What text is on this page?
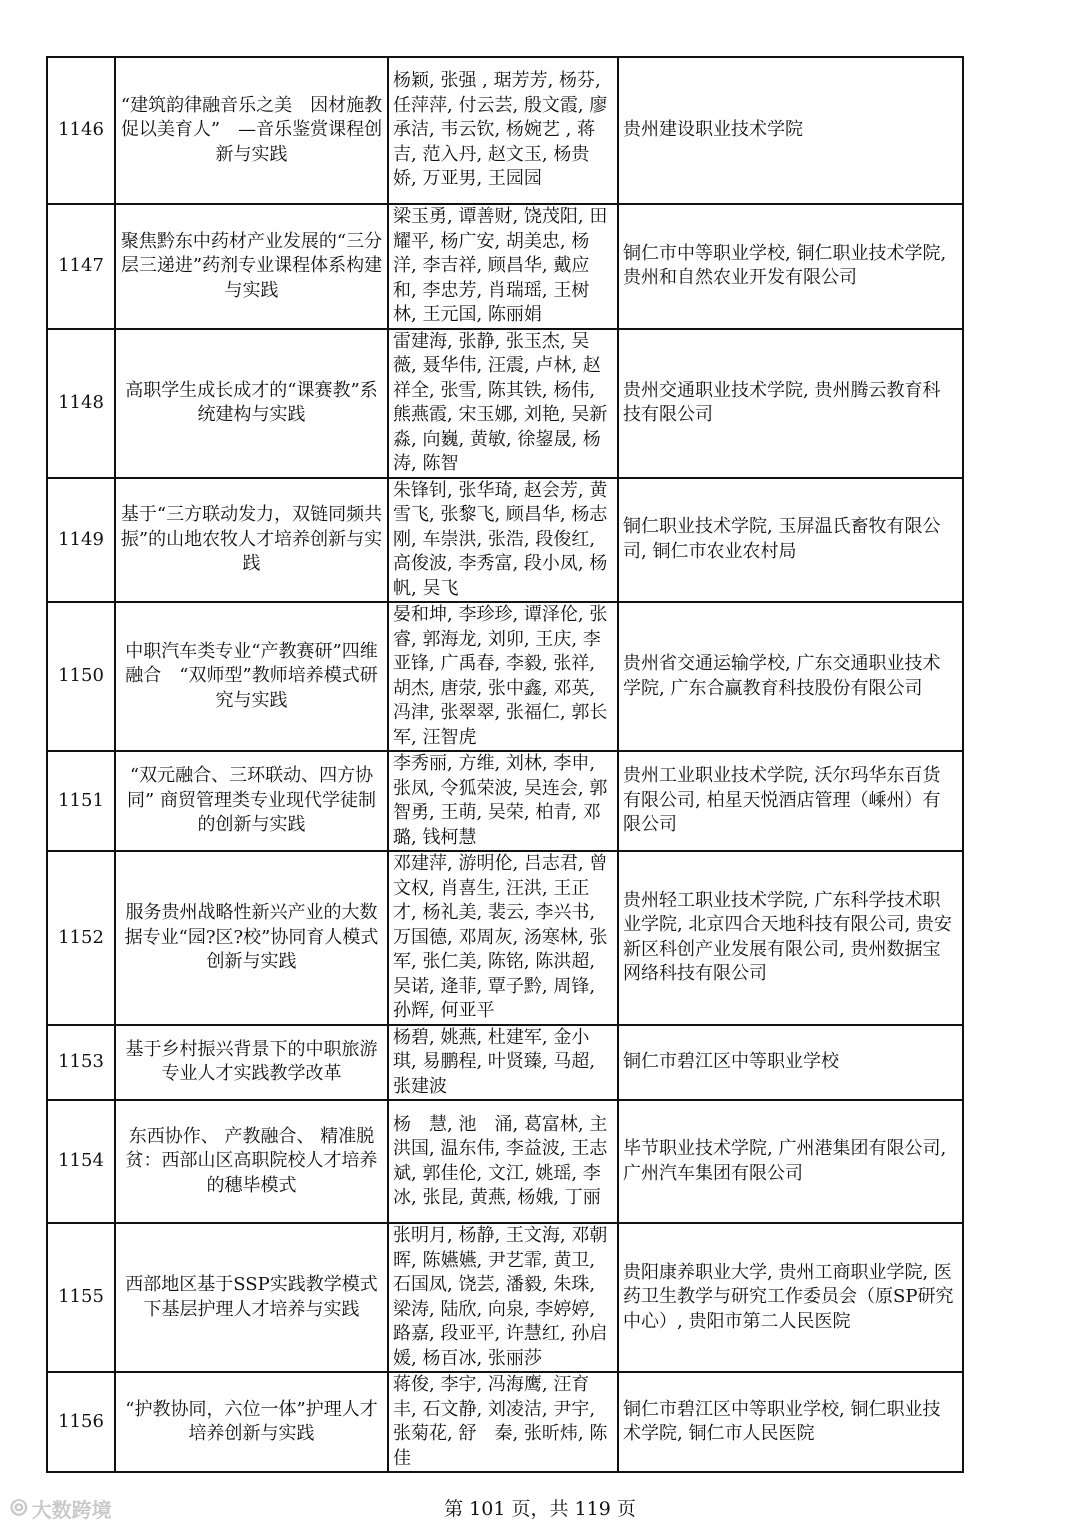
1146	“建筑韵律融音乐之美　因材施教促以美育人”　—音乐鉴赏课程创新与实践	杨颖, 张强 , 琚芳芳, 杨芬, 任萍萍, 付云芸, 殷文霞, 廖承洁, 韦云钦, 杨婉艺 , 蒋吉, 范入丹, 赵文玉, 杨贵娇, 万亚男, 王园园	贵州建设职业技术学院
1147	聚焦黔东中药材产业发展的“三分层三递进”药剂专业课程体系构建与实践	梁玉勇, 谭善财, 饶茂阳, 田耀平, 杨广安, 胡美忠, 杨洋, 李吉祥, 顾昌华, 戴应和, 李忠芳, 肖瑞瑶, 王树林, 王元国, 陈丽娟	铜仁市中等职业学校, 铜仁职业技术学院, 贵州和自然农业开发有限公司
1148	高职学生成长成才的“课赛教”系统建构与实践	雷建海, 张静, 张玉杰, 吴薇, 聂华伟, 汪震, 卢林, 赵祥全, 张雪, 陈其铁, 杨伟, 熊燕霞, 宋玉娜, 刘艳, 吴新淼, 向巍, 黄敏, 徐鋆晟, 杨涛, 陈智	贵州交通职业技术学院, 贵州腾云教育科技有限公司
1149	基于“三方联动发力，双链同频共振”的山地农牧人才培养创新与实践	朱锋钊, 张华琦, 赵会芳, 黄雪飞, 张黎飞, 顾昌华, 杨志刚, 车崇洪, 张浩, 段俊红, 高俊波, 李秀富, 段小凤, 杨帆, 吴飞	铜仁职业技术学院, 玉屏温氏畜牧有限公司, 铜仁市农业农村局
1150	中职汽车类专业“产教赛研”四维融合　“双师型”教师培养模式研究与实践	晏和坤, 李珍珍, 谭泽伦, 张睿, 郭海龙, 刘卯, 王庆, 李亚锋, 广禹春, 李毅, 张祥, 胡杰, 唐荥, 张中鑫, 邓英, 冯津, 张翠翠, 张福仁, 郭长军, 汪智虎	贵州省交通运输学校, 广东交通职业技术学院, 广东合赢教育科技股份有限公司
1151	“双元融合、三环联动、四方协同” 商贸管理类专业现代学徒制的创新与实践	李秀丽, 方维, 刘林, 李申, 张凤, 令狐荣波, 吴连会, 郭智勇, 王萌, 吴荣, 柏青, 邓璐, 钱柯慧	贵州工业职业技术学院, 沃尔玛华东百货有限公司, 柏星天悦酒店管理（嵊州）有限公司
1152	服务贵州战略性新兴产业的大数据专业“园?区?校”协同育人模式创新与实践	邓建萍, 游明伦, 吕志君, 曾文权, 肖喜生, 汪洪, 王正才, 杨礼美, 裴云, 李兴书, 万国德, 邓周灰, 汤寒林, 张军, 张仁美, 陈铭, 陈洪超, 吴诺, 逄菲, 覃子黔, 周锋, 孙辉, 何亚平	贵州轻工职业技术学院, 广东科学技术职业学院, 北京四合天地科技有限公司, 贵安新区科创产业发展有限公司, 贵州数据宝网络科技有限公司
1153	基于乡村振兴背景下的中职旅游专业人才实践教学改革	杨碧, 姚燕, 杜建军, 金小琪, 易鹏程, 叶贤臻, 马超, 张建波	铜仁市碧江区中等职业学校
1154	东西协作、 产教融合、 精准脱贫：西部山区高职院校人才培养的穗毕模式	杨　慧, 池　涌, 葛富林, 主洪国, 温东伟, 李益波, 王志斌, 郭佳伦, 文江, 姚瑶, 李冰, 张昆, 黄燕, 杨娥, 丁丽	毕节职业技术学院, 广州港集团有限公司, 广州汽车集团有限公司
1155	西部地区基于SSP实践教学模式下基层护理人才培养与实践	张明月, 杨静, 王文海, 邓朝晖, 陈嬿嬿, 尹艺霏, 黄卫, 石国凤, 饶芸, 潘毅, 朱珠, 梁涛, 陆欣, 向泉, 李婷婷, 路嘉, 段亚平, 许慧红, 孙启媛, 杨百冰, 张丽莎	贵阳康养职业大学, 贵州工商职业学院, 医药卫生教学与研究工作委员会（原SP研究中心）, 贵阳市第二人民医院
1156	“护教协同，六位一体”护理人才培养创新与实践	蒋俊, 李宇, 冯海鹰, 汪育丰, 石文静, 刘凌洁, 尹宇, 张菊花, 舒　秦, 张昕炜, 陈佳	铜仁市碧江区中等职业学校, 铜仁职业技术学院, 铜仁市人民医院
第 101 页，共 119 页
⦾ 大数跨境
